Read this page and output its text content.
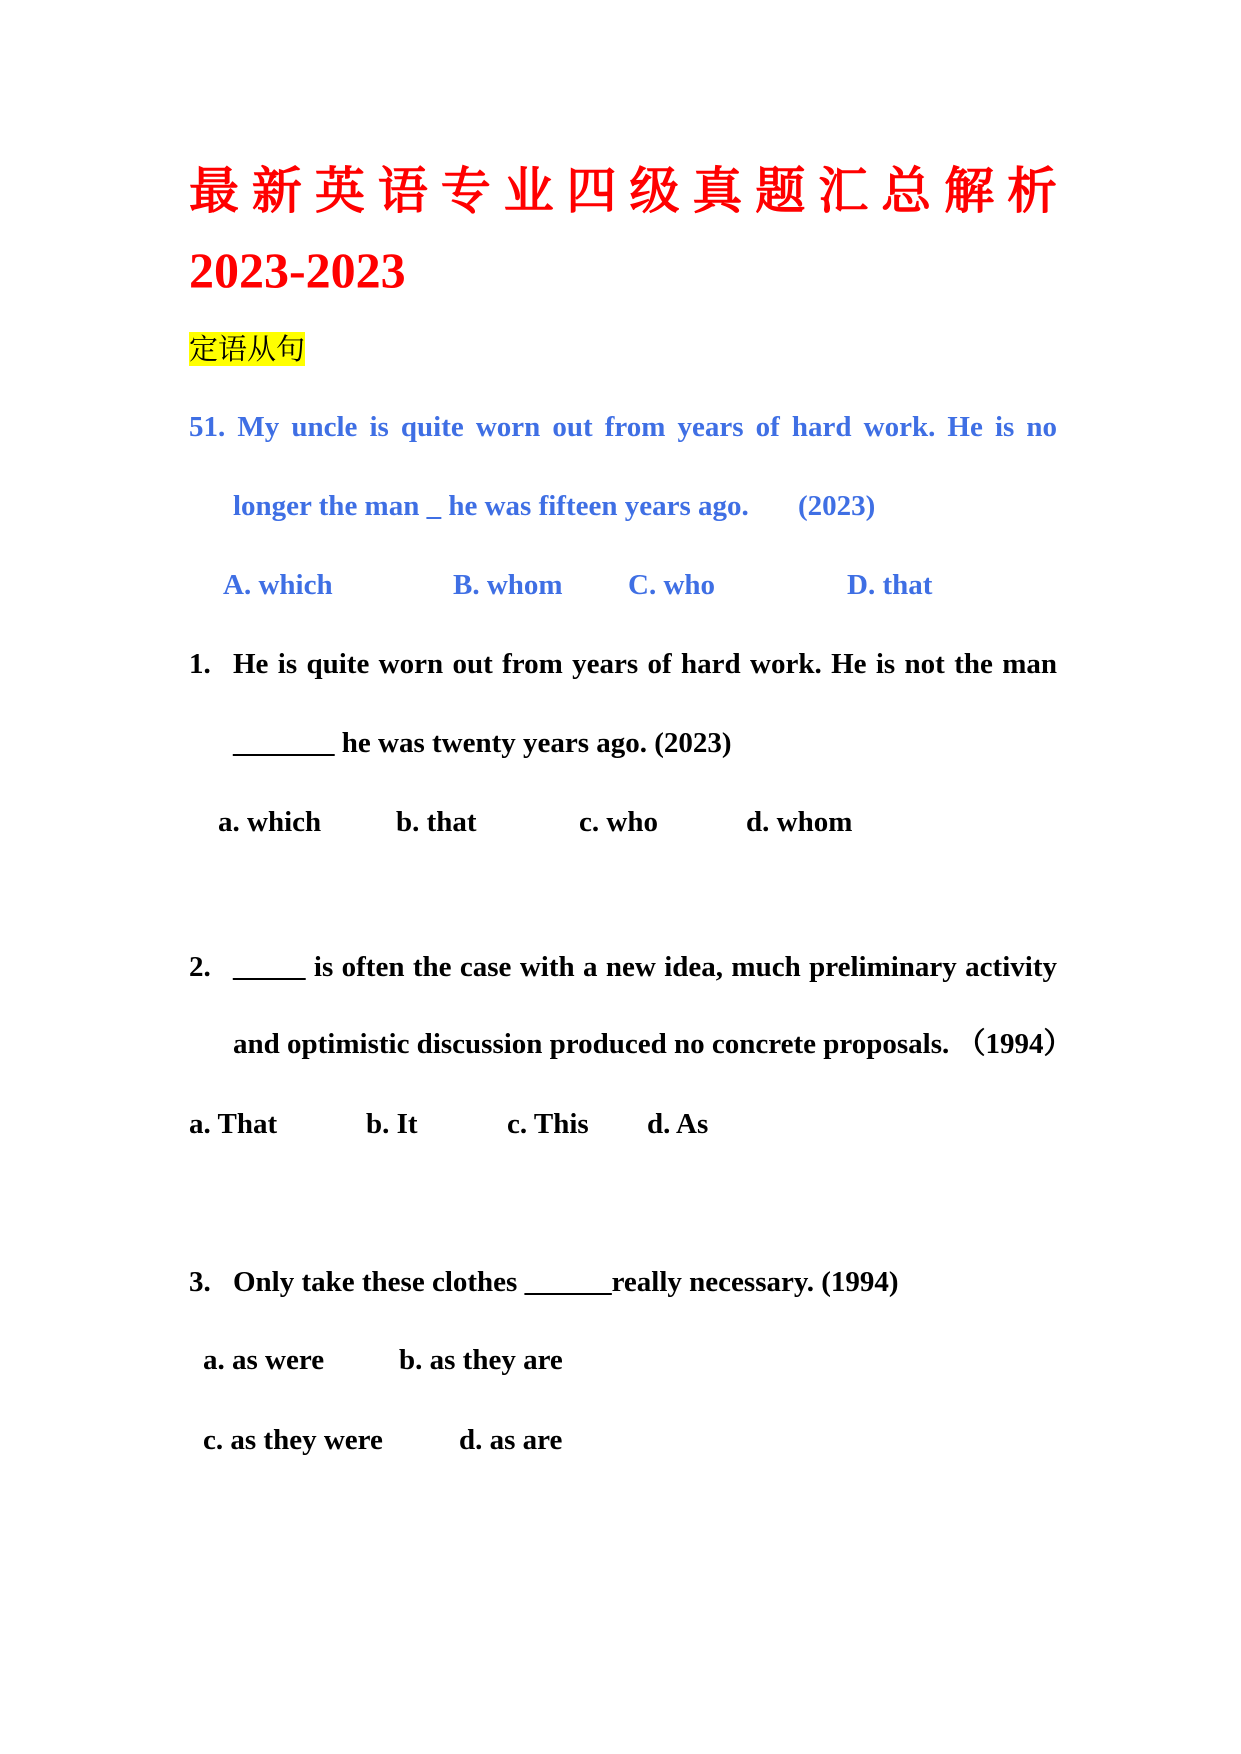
最新英语专业四级真题汇总解析
2023-2023
定语从句
51. My uncle is quite worn out from years of hard work. He is no
longer the man _ he was fifteen years ago. (2023)
A. which	B. whom C. who	D. that
1. He is quite worn out from years of hard work. He is not the man
_______ he was twenty years ago. (2023)
a. which	b. that	c. who	d. whom
2. _____ is often the case with a new idea, much preliminary activity
and optimistic discussion produced no concrete proposals. （1994）
a. That	b. It	c. This d. As
3. Only take these clothes ______really necessary. (1994)
a. as were	b. as they are
c. as they were	d. as are
